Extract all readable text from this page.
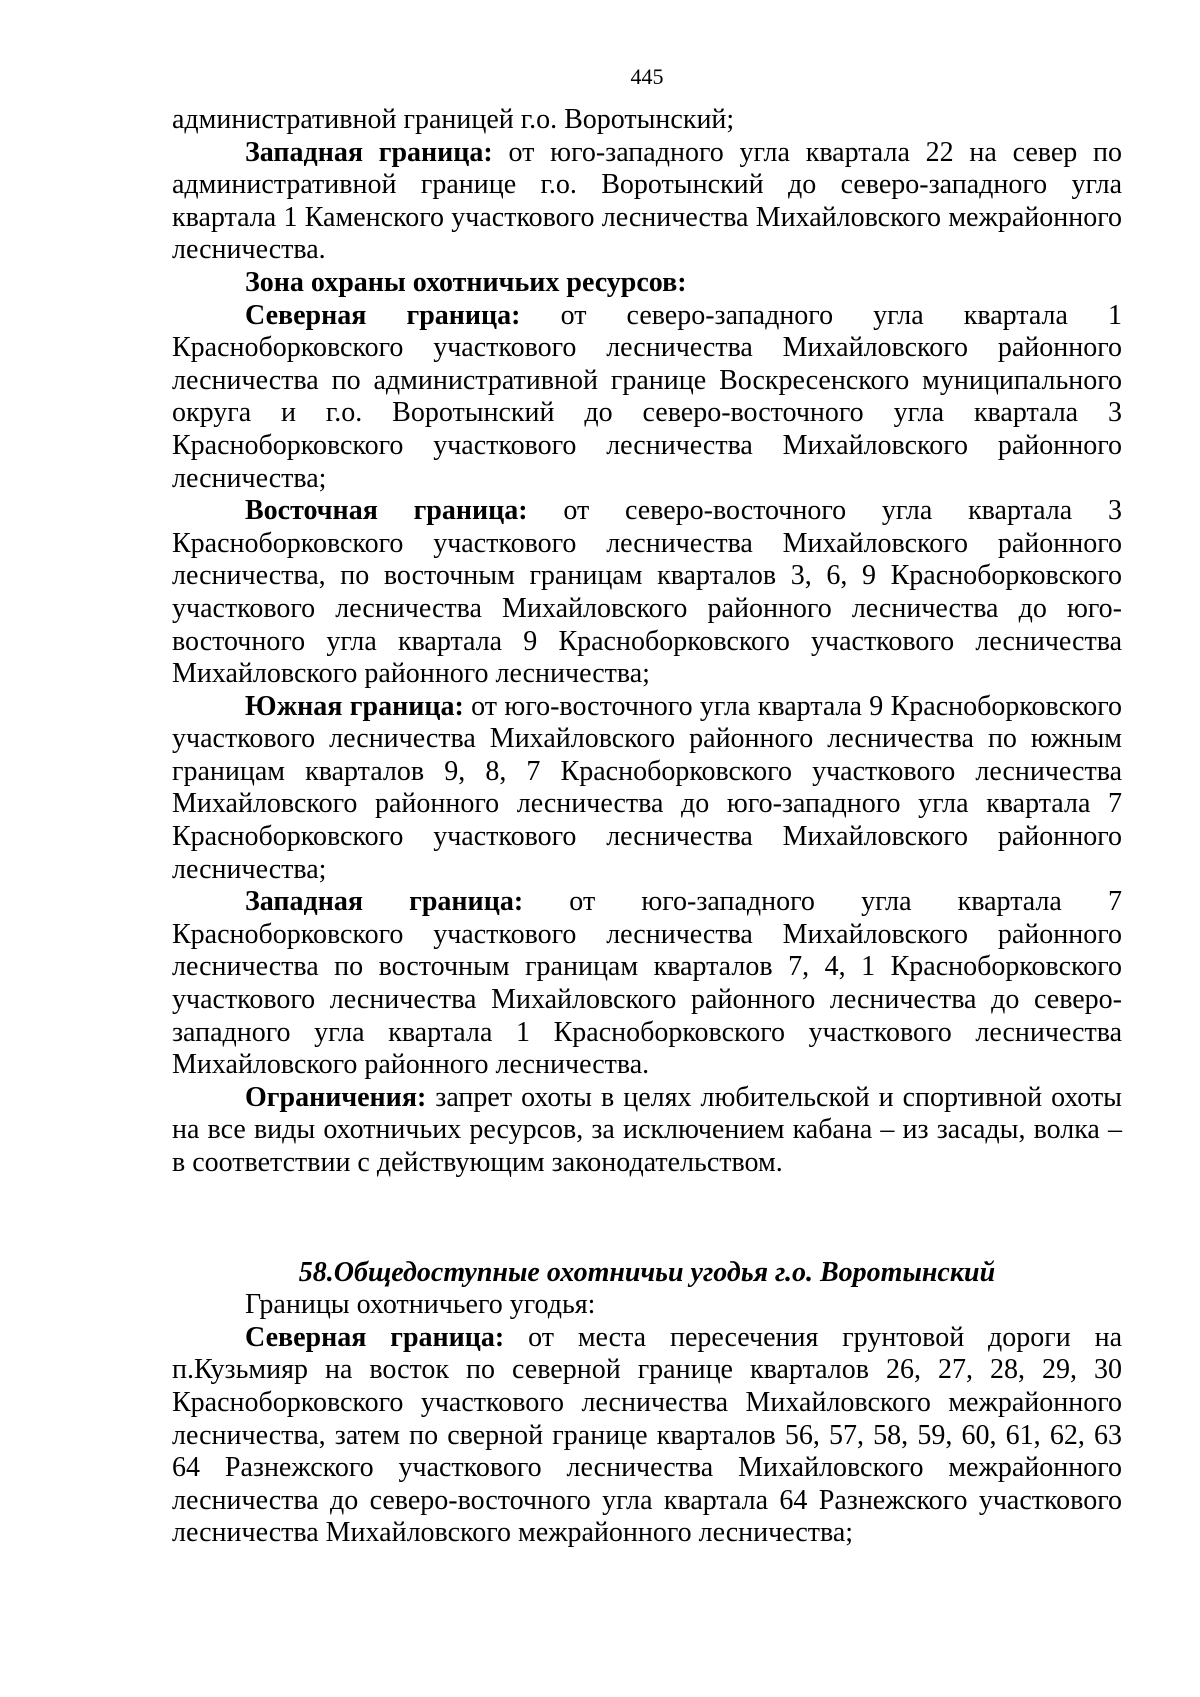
445

административной границей г.о. Воротынский;

Западная граница: от юго-западного угла квартала 22 на север по административной границе г.о. Воротынский до северо-западного угла квартала 1 Каменского участкового лесничества Михайловского межрайонного лесничества.

Зона охраны охотничьих ресурсов:

Северная граница: от северо-западного угла квартала 1 Краснoборковского участкового лесничества Михайловского районного лесничества по административной границе Воскресенского муниципального округа и г.о. Воротынский до северо-восточного угла квартала 3 Красноборковского участкового лесничества Михайловского районного лесничества;

Восточная граница: от северо-восточного угла квартала 3 Красноборковского участкового лесничества Михайловского районного лесничества, по восточным границам кварталов 3, 6, 9 Красноборковского участкового лесничества Михайловского районного лесничества до юго-восточного угла квартала 9 Красноборковского участкового лесничества Михайловского районного лесничества;

Южная граница: от юго-восточного угла квартала 9 Красноборковского участкового лесничества Михайловского районного лесничества по южным границам кварталов 9, 8, 7 Красноборковского участкового лесничества Михайловского районного лесничества до юго-западного угла квартала 7 Красноборковского участкового лесничества Михайловского районного лесничества;

Западная граница: от юго-западного угла квартала 7 Красноборковского участкового лесничества Михайловского районного лесничества по восточным границам кварталов 7, 4, 1 Красноборковского участкового лесничества Михайловского районного лесничества до северо-западного угла квартала 1 Красноборковского участкового лесничества Михайловского районного лесничества.

Ограничения: запрет охоты в целях любительской и спортивной охоты на все виды охотничьих ресурсов, за исключением кабана – из засады, волка – в соответствии с действующим законодательством.

58.Общедоступные охотничьи угодья г.о. Воротынский

Границы охотничьего угодья:

Северная граница: от места пересечения грунтовой дороги на п.Кузьмияр на восток по северной границе кварталов 26, 27, 28, 29, 30 Красноборковского участкового лесничества Михайловского межрайонного лесничества, затем по сверной границе кварталов 56, 57, 58, 59, 60, 61, 62, 63 64 Разнежского участкового лесничества Михайловского межрайонного лесничества до северо-восточного угла квартала 64 Разнежского участкового лесничества Михайловского межрайонного лесничества;
